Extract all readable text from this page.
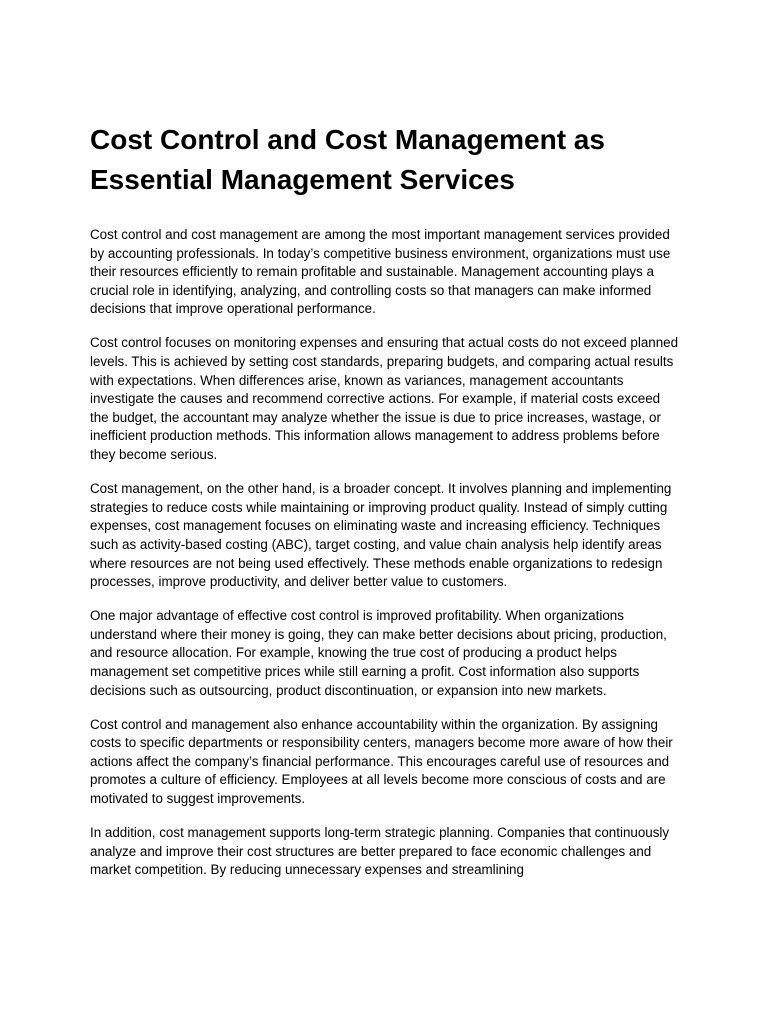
Cost Control and Cost Management as Essential Management Services

Cost control and cost management are among the most important management services provided by accounting professionals. In today’s competitive business environment, organizations must use their resources efficiently to remain profitable and sustainable. Management accounting plays a crucial role in identifying, analyzing, and controlling costs so that managers can make informed decisions that improve operational performance.

Cost control focuses on monitoring expenses and ensuring that actual costs do not exceed planned levels. This is achieved by setting cost standards, preparing budgets, and comparing actual results with expectations. When differences arise, known as variances, management accountants investigate the causes and recommend corrective actions. For example, if material costs exceed the budget, the accountant may analyze whether the issue is due to price increases, wastage, or inefficient production methods. This information allows management to address problems before they become serious.

Cost management, on the other hand, is a broader concept. It involves planning and implementing strategies to reduce costs while maintaining or improving product quality. Instead of simply cutting expenses, cost management focuses on eliminating waste and increasing efficiency. Techniques such as activity-based costing (ABC), target costing, and value chain analysis help identify areas where resources are not being used effectively. These methods enable organizations to redesign processes, improve productivity, and deliver better value to customers.

One major advantage of effective cost control is improved profitability. When organizations understand where their money is going, they can make better decisions about pricing, production, and resource allocation. For example, knowing the true cost of producing a product helps management set competitive prices while still earning a profit. Cost information also supports decisions such as outsourcing, product discontinuation, or expansion into new markets.

Cost control and management also enhance accountability within the organization. By assigning costs to specific departments or responsibility centers, managers become more aware of how their actions affect the company’s financial performance. This encourages careful use of resources and promotes a culture of efficiency. Employees at all levels become more conscious of costs and are motivated to suggest improvements.

In addition, cost management supports long-term strategic planning. Companies that continuously analyze and improve their cost structures are better prepared to face economic challenges and market competition. By reducing unnecessary expenses and streamlining
